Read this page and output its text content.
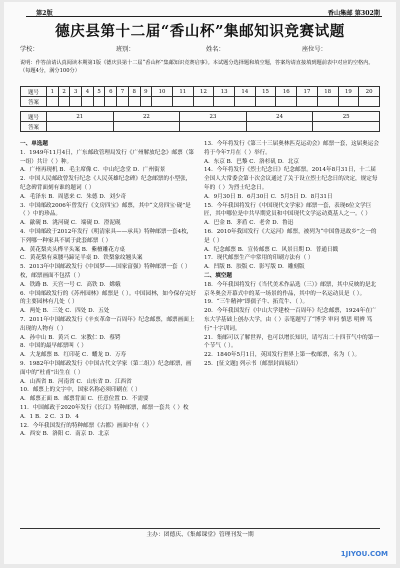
第2版	香山集邮 第302期
德庆县第十二届“香山杯”集邮知识竞赛试题
学校：	班别：	姓名：	座位号：
说明：作答前请认真阅读本期第1版《德庆县第十二届“香山杯”集邮知识竞赛启事》。本试题分选择题和填空题，答案均请直接填到题前表中对应的空格内。（每题4分，满分100分）
题号	1	2	3	4	5	6	7	8	9	10	11	12	13	14	15	16	17	18	19	20
答案																				
题号	21	22	23	24	25
答案					

一、单选题

1．1949年11月4日，广东邮政管理局发行《广州解放纪念》邮票（第一组）共计（ ）种。

A．广州再现机 B．毛主席像 C．中山纪念堂 D．广州街景

2．中国人民邮政曾发行纪念《人民英雄纪念碑》纪念邮票的小型张，纪念碑背面刻有谁的题词（ ）

A．毛泽东 B．周恩来 C．朱德 D．刘少奇

3．中国邮政2006年曾发行《文房四宝》邮票，其中“文房四宝·砚”是（ ）中的珍品。

A．歙砚 B．洮河砚 C．端砚 D．澄泥砚

4．中国邮政于2012年发行《明清家具——承具》特种邮票一套4枚，下列哪一种家具不属于此套邮票（ ）

A．黄花梨夹头榫平头案 B．紫檀雕花方桌

C．黄花梨有束腰马蹄足半桌 D．铁梨象纹翘头案

5．2013年中国邮政发行《中国梦——国家富强》特种邮票一套（ ）枚，邮票画面不包括（ ）

A．铁路 B．天宫一号 C．高铁 D．嫦娥

6．中国邮政发行的《苏州园林》邮票是（ ）。中国园林，如今保存完好的主要园林有几处（ ）

A．两处 B．三处 C．四处 D．五处

7．2011年中国邮政发行《辛亥革命一百周年》纪念邮票，邮票画面上出现的人物有（ ）

A．孙中山 B．黄兴 C．宋教仁 D．蔡锷

8．中国的最早邮票叫（ ）

A．大龙邮票 B．红印花 C．蟠龙 D．万寿

9．1982年中国邮政发行《中国古代文学家（第二组）》纪念邮票，画面中的“杜甫”出生在（ ）

A．山西省 B．河南省 C．山东省 D．江西省

10．邮票上的文字中，国家名称必须印刷在（ ）

A．邮票正面 B．邮票背面 C．任意位置 D．不需要

11．中国邮政于2020年发行《长江》特种邮票，邮票一套共（ ）枚

A．1 B．2 C．3 D．4

12．今年我国发行的特种邮票《古都》画面中有（ ）

A．西安 B．洛阳 C．南京 D．北京

13．今年将发行《第三十三届奥林匹克运动会》邮票一套，这届奥运会将于今年7月在（ ）举行。

A．东京 B．巴黎 C．洛杉矶 D．北京

14．今年将发行《烈士纪念日》纪念邮票。2014年8月31日，十二届全国人大常委会第十次会议通过了关于设立烈士纪念日的决定，规定每年的（ ）为烈士纪念日。

A．9月30日 B．6月30日 C．5月5日 D．8月31日

15．今年我国将发行《中国现代文学家》邮票一套，表现6位文学巨匠，其中哪位是中共早期党员和中国现代文学运动奠基人之一。（ ）

A．巴金 B．茅盾 C．老舍 D．鲁迅

16．2010年我国发行《大运河》邮票，被列为“中国鲁迅故乡”之一的是（ ）

A．纪念邮票 B．宣传邮票 C．风景日期 D．普通日戳

17．现代邮票生产中常用的印刷方法有（ ）

A．凹版 B．胶版 C．影写版 D．雕刻版

二、填空题

18．今年我国将发行《当代美术作品选（三）》邮票，其中反映的是北京冬奥会开幕式中的某一场景的作品，其中的一名运动员是（ ）。

19．“三牛精神”即孺子牛、拓荒牛、（ ）。

20．今年我国发行《中山大学建校一百周年》纪念邮票，1924年在广东大学基础上创办大学，由（ ）亲笔题写了“博学 审问 慎思 明辨 笃行”十字训词。

21．集邮可以了解世界，也可以增长知识，请写出二十四节气中的第一个节气（ ）。

22．1840年5月1日，英国发行世界上第一枚邮票，名为（ ）。

25．[征文题] 列示书（邮票封面展出）

主办：团德庆、《集邮课堂》管理刊发一期
1JIYOU.COM
